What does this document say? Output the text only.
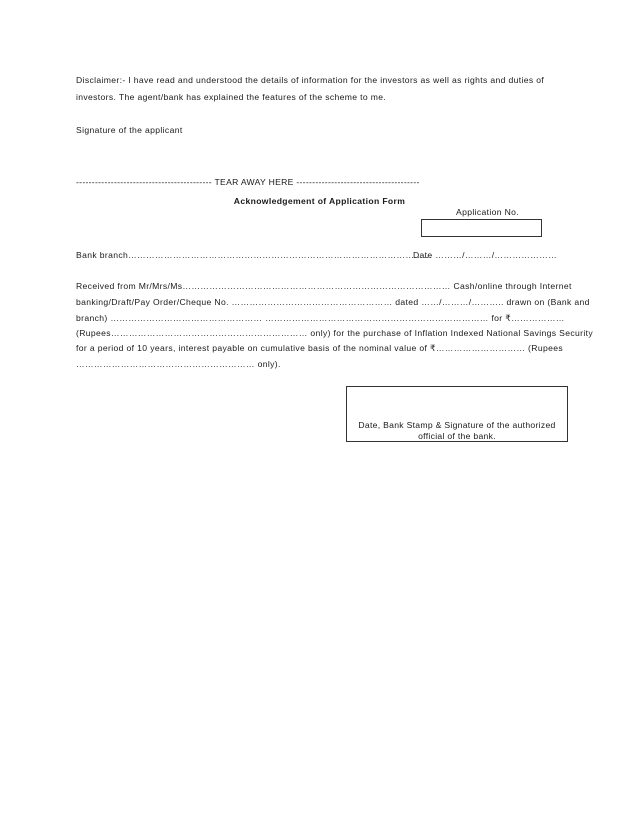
Disclaimer:- I have read and understood the details of information for the investors as well as rights and duties of investors. The agent/bank has explained the features of the scheme to me.
Signature of the applicant
------------------------------------------- TEAR AWAY HERE ---------------------------------------
Acknowledgement of Application Form
Application No.
Bank branch…………………………………………………………………………………………
Date ………/………/…………………
Received from Mr/Mrs/Ms……………………………………………………………………………… Cash/online through Internet
banking/Draft/Pay Order/Cheque No. ……………………………………………… dated ……/………/……….. drawn on (Bank and
branch) …………………………………………… ………………………………………………………………… for ₹………………
(Rupees………………………………………………………… only) for the purchase of Inflation Indexed National Savings Security
for a period of 10 years, interest payable on cumulative basis of the nominal value of ₹………………………… (Rupees
…………………………………………………… only).
Date, Bank Stamp & Signature of the authorized official of the bank.
